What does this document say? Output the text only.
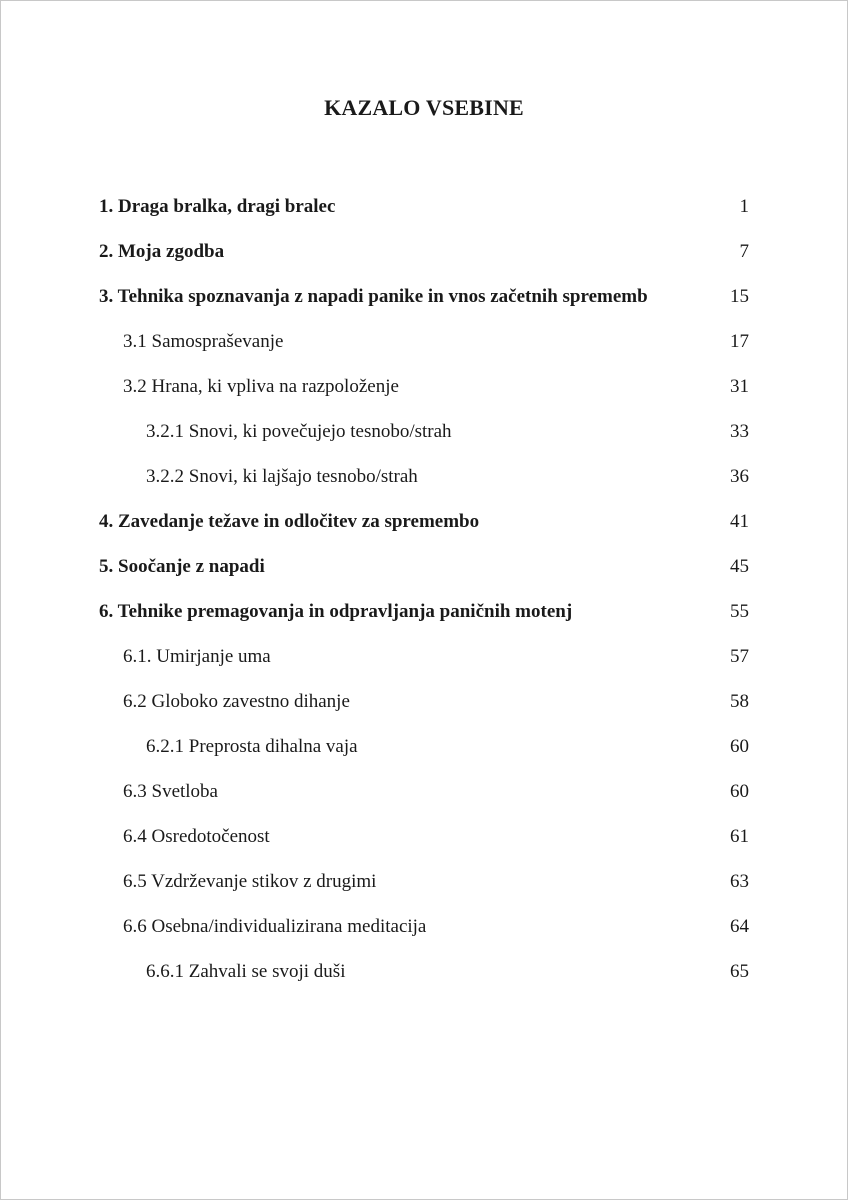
KAZALO VSEBINE
1. Draga bralka, dragi bralec	1
2. Moja zgodba	7
3. Tehnika spoznavanja z napadi panike in vnos začetnih sprememb	15
3.1 Samospraševanje	17
3.2 Hrana, ki vpliva na razpoloženje	31
3.2.1 Snovi, ki povečujejo tesnobo/strah	33
3.2.2 Snovi, ki lajšajo tesnobo/strah	36
4. Zavedanje težave in odločitev za spremembo	41
5. Soočanje z napadi	45
6. Tehnike premagovanja in odpravljanja paničnih motenj	55
6.1. Umirjanje uma	57
6.2 Globoko zavestno dihanje	58
6.2.1 Preprosta dihalna vaja	60
6.3 Svetloba	60
6.4 Osredotočenost	61
6.5 Vzdrževanje stikov z drugimi	63
6.6 Osebna/individualizirana meditacija	64
6.6.1 Zahvali se svoji duši	65
